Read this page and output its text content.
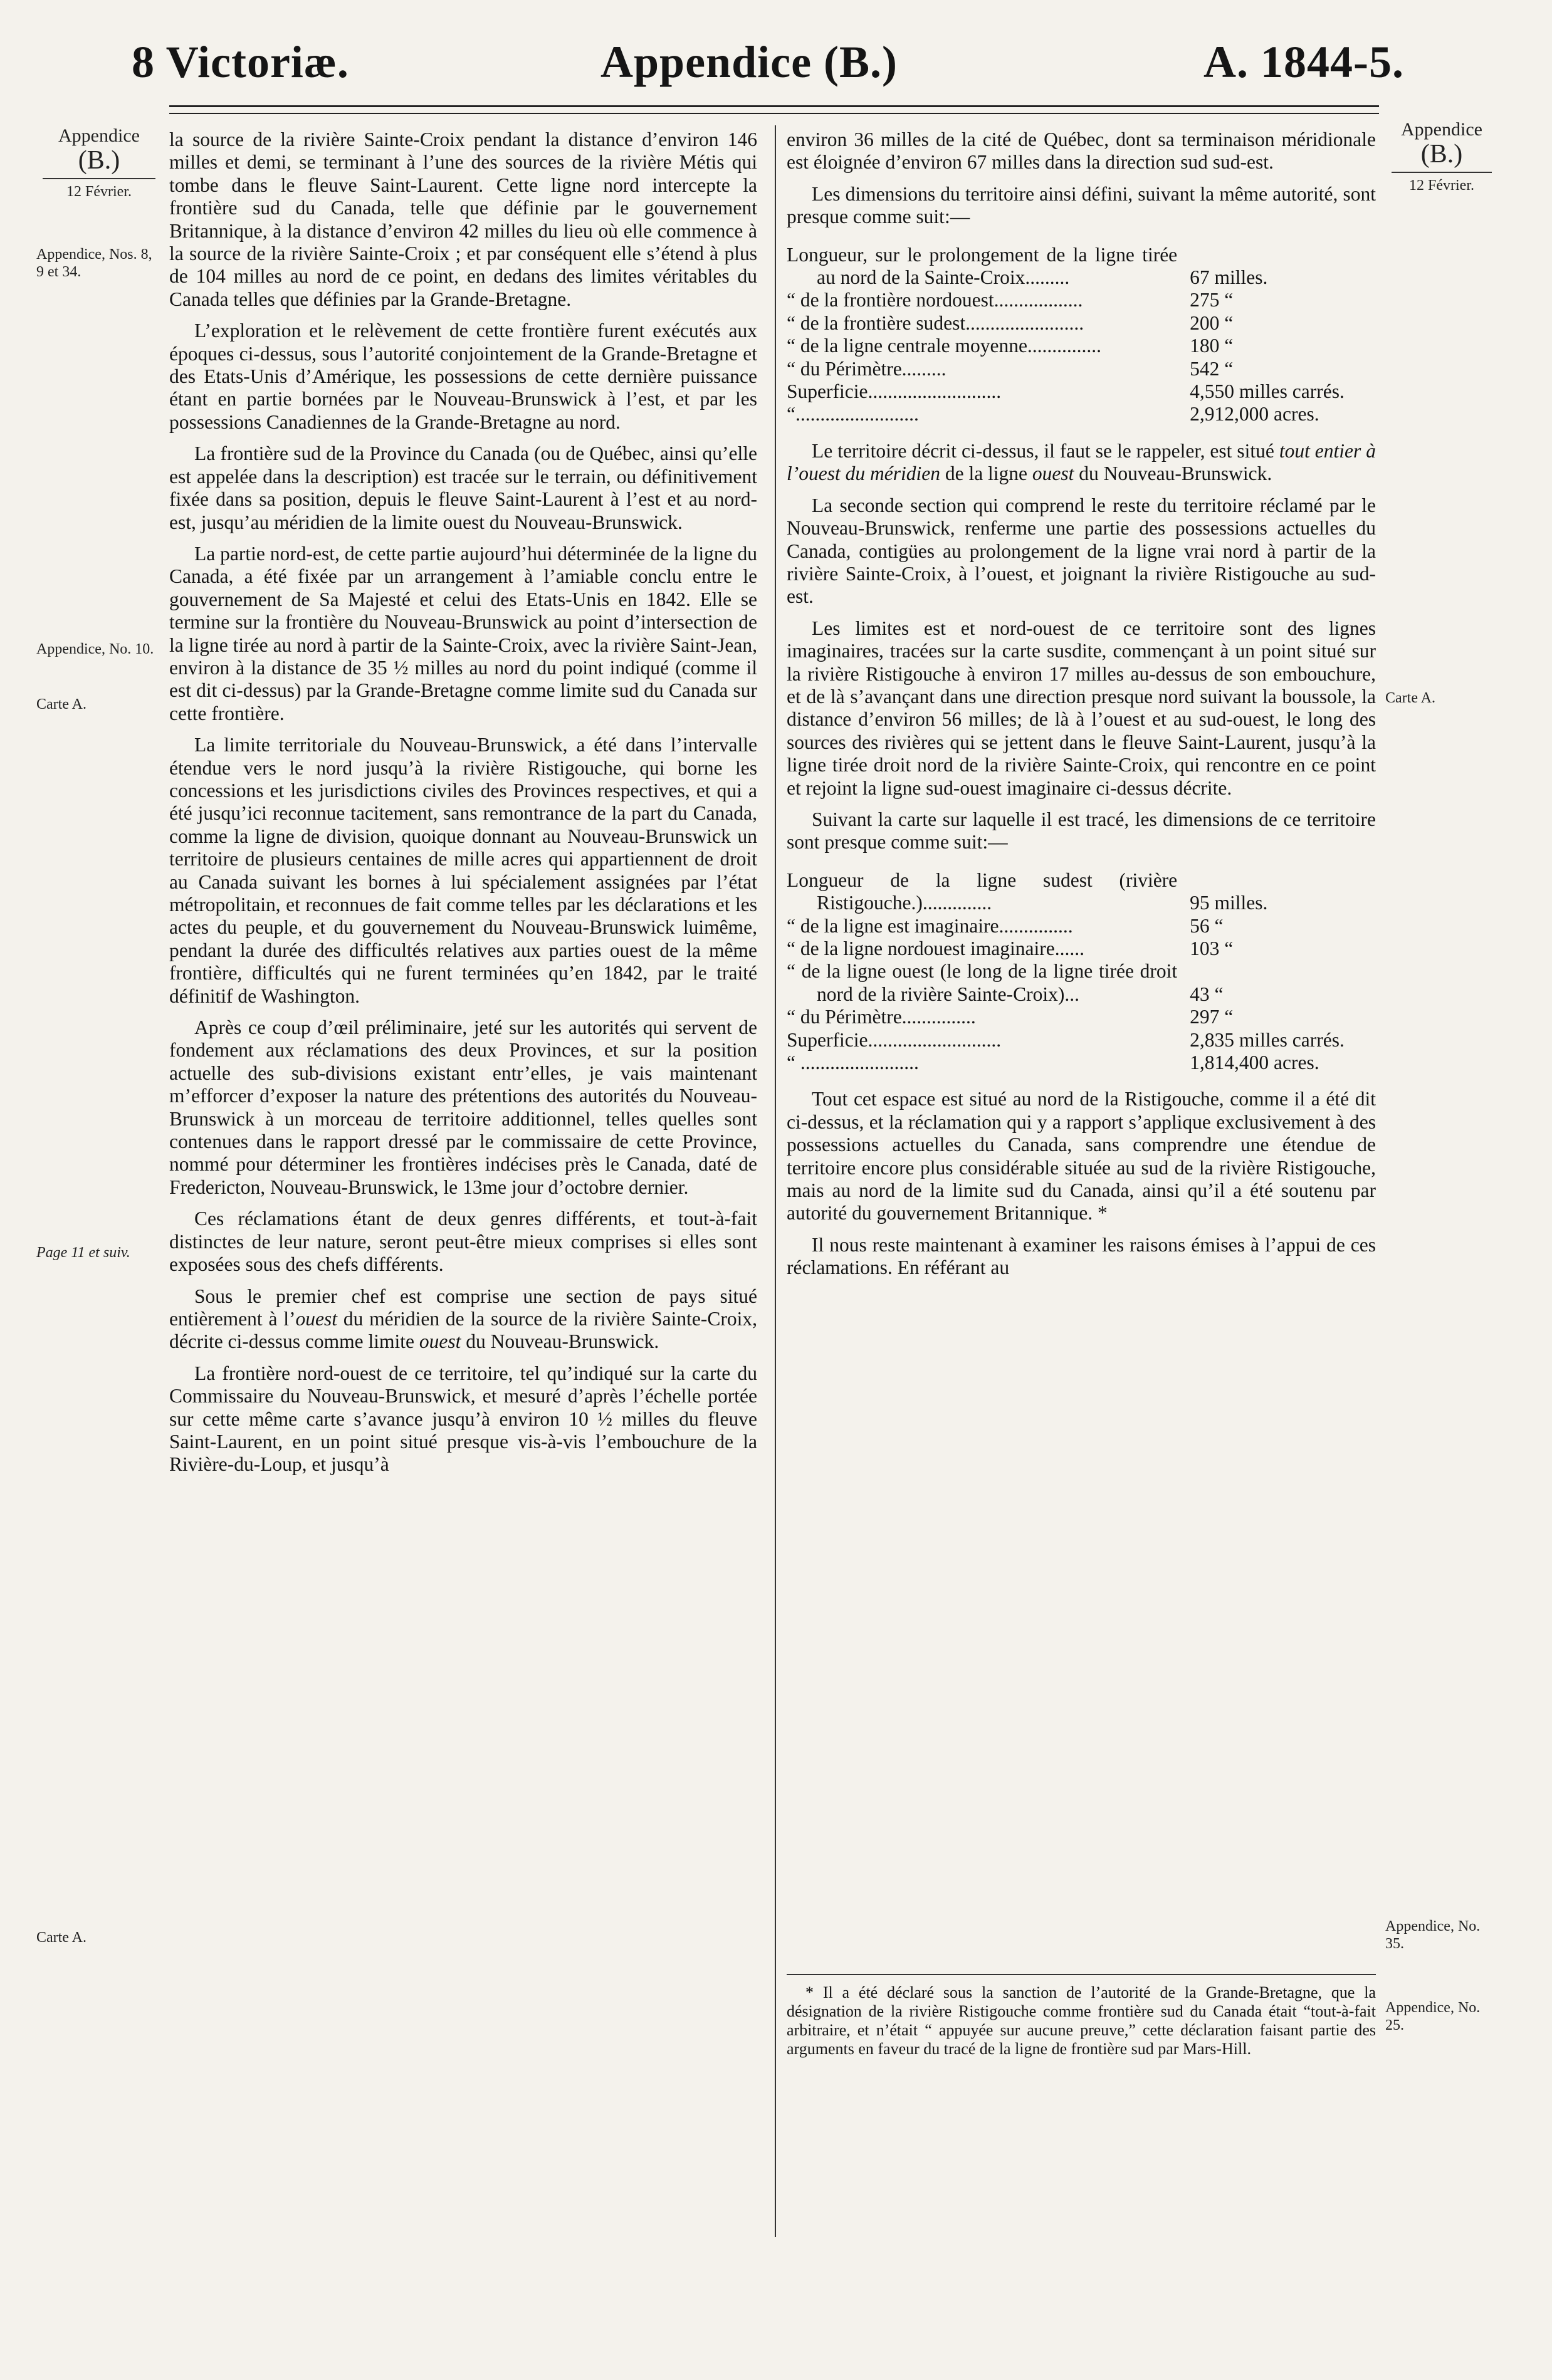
8 Victoriæ.	Appendice (B.)	A. 1844-5.
Appendice
(B.)
12 Février.
Appendice, Nos. 8, 9 et 34.
Appendice, No. 10.
Carte A.
Page 11 et suiv.
Carte A.
Appendice
(B.)
12 Février.
Carte A.
Appendice, No. 35.
Appendice, No. 25.

la source de la rivière Sainte-Croix pendant la distance d’environ 146 milles et demi, se terminant à l’une des sources de la rivière Métis qui tombe dans le fleuve Saint-Laurent. Cette ligne nord intercepte la frontière sud du Canada, telle que définie par le gouvernement Britannique, à la distance d’environ 42 milles du lieu où elle commence à la source de la rivière Sainte-Croix ; et par conséquent elle s’étend à plus de 104 milles au nord de ce point, en dedans des limites véritables du Canada telles que définies par la Grande-Bretagne.

L’exploration et le relèvement de cette frontière furent exécutés aux époques ci-dessus, sous l’autorité conjointement de la Grande-Bretagne et des Etats-Unis d’Amérique, les possessions de cette dernière puissance étant en partie bornées par le Nouveau-Brunswick à l’est, et par les possessions Canadiennes de la Grande-Bretagne au nord.

La frontière sud de la Province du Canada (ou de Québec, ainsi qu’elle est appelée dans la description) est tracée sur le terrain, ou définitivement fixée dans sa position, depuis le fleuve Saint-Laurent à l’est et au nord-est, jusqu’au méridien de la limite ouest du Nouveau-Brunswick.

La partie nord-est, de cette partie aujourd’hui déterminée de la ligne du Canada, a été fixée par un arrangement à l’amiable conclu entre le gouvernement de Sa Majesté et celui des Etats-Unis en 1842. Elle se termine sur la frontière du Nouveau-Brunswick au point d’intersection de la ligne tirée au nord à partir de la Sainte-Croix, avec la rivière Saint-Jean, environ à la distance de 35 ½ milles au nord du point indiqué (comme il est dit ci-dessus) par la Grande-Bretagne comme limite sud du Canada sur cette frontière.

La limite territoriale du Nouveau-Brunswick, a été dans l’intervalle étendue vers le nord jusqu’à la rivière Ristigouche, qui borne les concessions et les jurisdictions civiles des Provinces respectives, et qui a été jusqu’ici reconnue tacitement, sans remontrance de la part du Canada, comme la ligne de division, quoique donnant au Nouveau-Brunswick un territoire de plusieurs centaines de mille acres qui appartiennent de droit au Canada suivant les bornes à lui spécialement assignées par l’état métropolitain, et reconnues de fait comme telles par les déclarations et les actes du peuple, et du gouvernement du Nouveau-Brunswick luimême, pendant la durée des difficultés relatives aux parties ouest de la même frontière, difficultés qui ne furent terminées qu’en 1842, par le traité définitif de Washington.

Après ce coup d’œil préliminaire, jeté sur les autorités qui servent de fondement aux réclamations des deux Provinces, et sur la position actuelle des sub-divisions existant entr’elles, je vais maintenant m’efforcer d’exposer la nature des prétentions des autorités du Nouveau-Brunswick à un morceau de territoire additionnel, telles quelles sont contenues dans le rapport dressé par le commissaire de cette Province, nommé pour déterminer les frontières indécises près le Canada, daté de Fredericton, Nouveau-Brunswick, le 13me jour d’octobre dernier.

Ces réclamations étant de deux genres différents, et tout-à-fait distinctes de leur nature, seront peut-être mieux comprises si elles sont exposées sous des chefs différents.

Sous le premier chef est comprise une section de pays situé entièrement à l’ouest du méridien de la source de la rivière Sainte-Croix, décrite ci-dessus comme limite ouest du Nouveau-Brunswick.

La frontière nord-ouest de ce territoire, tel qu’indiqué sur la carte du Commissaire du Nouveau-Brunswick, et mesuré d’après l’échelle portée sur cette même carte s’avance jusqu’à environ 10 ½ milles du fleuve Saint-Laurent, en un point situé presque vis-à-vis l’embouchure de la Rivière-du-Loup, et jusqu’à

environ 36 milles de la cité de Québec, dont sa terminaison méridionale est éloignée d’environ 67 milles dans la direction sud sud-est.

Les dimensions du territoire ainsi défini, suivant la même autorité, sont presque comme suit:—

Longueur, sur le prolongement de la ligne tirée au nord de la Sainte-Croix.........	67 milles.
“ de la frontière nordouest..................	275 “
“ de la frontière sudest........................	200 “
“ de la ligne centrale moyenne...............	180 “
“ du Périmètre.........	542 “
Superficie...........................	4,550 milles carrés.
“.........................	2,912,000 acres.

Le territoire décrit ci-dessus, il faut se le rappeler, est situé tout entier à l’ouest du méridien de la ligne ouest du Nouveau-Brunswick.

La seconde section qui comprend le reste du territoire réclamé par le Nouveau-Brunswick, renferme une partie des possessions actuelles du Canada, contigües au prolongement de la ligne vrai nord à partir de la rivière Sainte-Croix, à l’ouest, et joignant la rivière Ristigouche au sud-est.

Les limites est et nord-ouest de ce territoire sont des lignes imaginaires, tracées sur la carte susdite, commençant à un point situé sur la rivière Ristigouche à environ 17 milles au-dessus de son embouchure, et de là s’avançant dans une direction presque nord suivant la boussole, la distance d’environ 56 milles; de là à l’ouest et au sud-ouest, le long des sources des rivières qui se jettent dans le fleuve Saint-Laurent, jusqu’à la ligne tirée droit nord de la rivière Sainte-Croix, qui rencontre en ce point et rejoint la ligne sud-ouest imaginaire ci-dessus décrite.

Suivant la carte sur laquelle il est tracé, les dimensions de ce territoire sont presque comme suit:—

Longueur de la ligne sudest (rivière Ristigouche.)..............	95 milles.
“ de la ligne est imaginaire...............	56 “
“ de la ligne nordouest imaginaire......	103 “
“ de la ligne ouest (le long de la ligne tirée droit nord de la rivière Sainte-Croix)...	43 “
“ du Périmètre...............	297 “
Superficie...........................	2,835 milles carrés.
“ ........................	1,814,400 acres.

Tout cet espace est situé au nord de la Ristigouche, comme il a été dit ci-dessus, et la réclamation qui y a rapport s’applique exclusivement à des possessions actuelles du Canada, sans comprendre une étendue de territoire encore plus considérable située au sud de la rivière Ristigouche, mais au nord de la limite sud du Canada, ainsi qu’il a été soutenu par autorité du gouvernement Britannique. *

Il nous reste maintenant à examiner les raisons émises à l’appui de ces réclamations. En référant au

* Il a été déclaré sous la sanction de l’autorité de la Grande-Bretagne, que la désignation de la rivière Ristigouche comme frontière sud du Canada était “tout-à-fait arbitraire, et n’était “ appuyée sur aucune preuve,” cette déclaration faisant partie des arguments en faveur du tracé de la ligne de frontière sud par Mars-Hill.
